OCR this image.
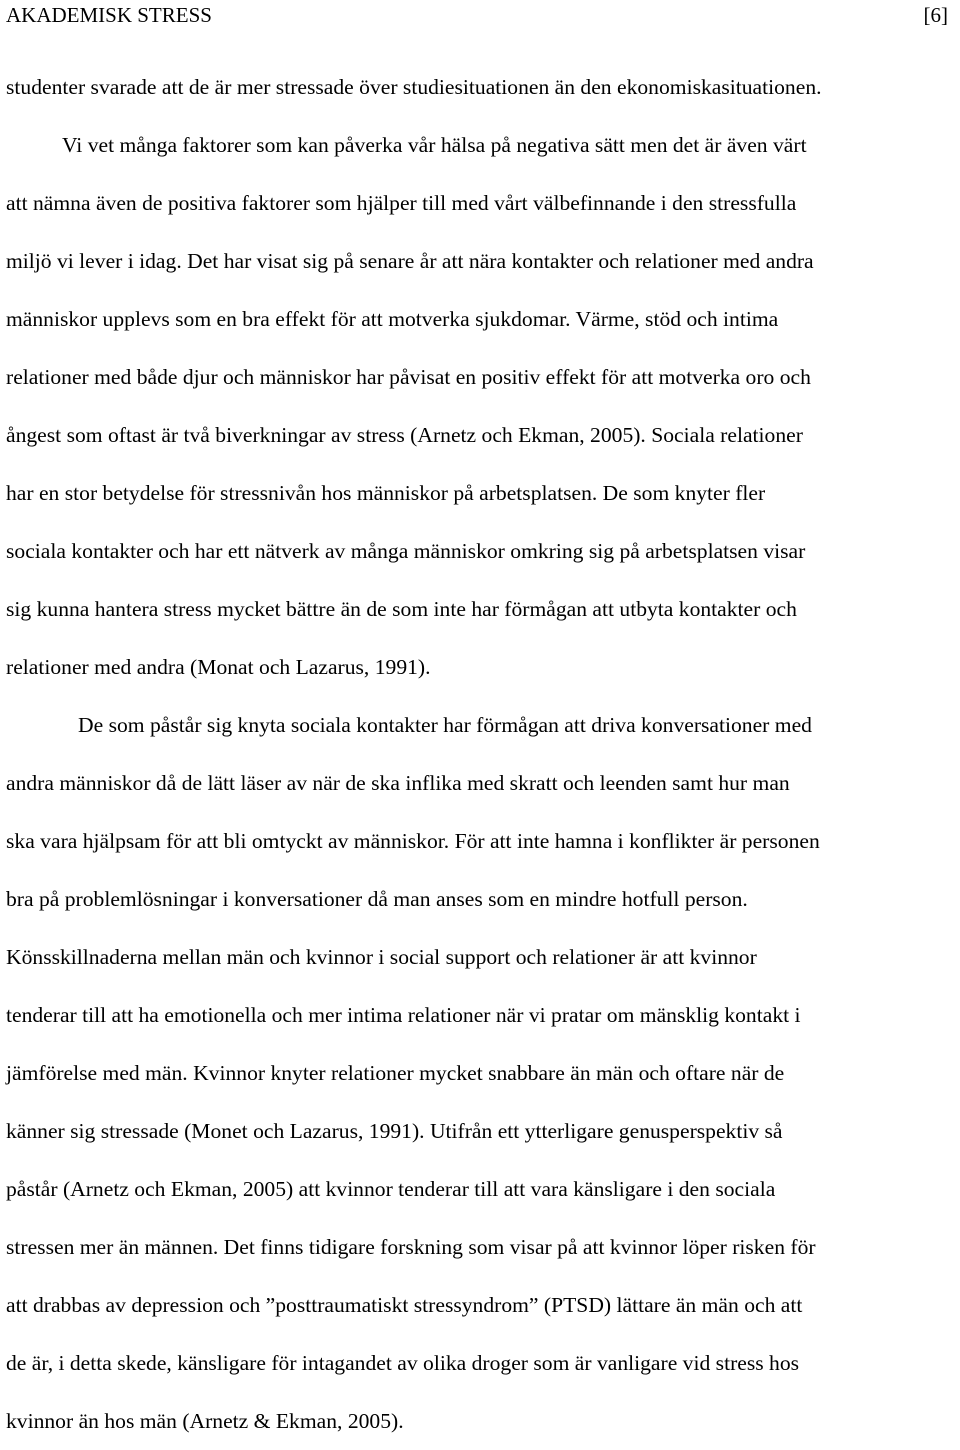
AKADEMISK STRESS	[6]
studenter svarade att de är mer stressade över studiesituationen än den ekonomiskasituationen.
Vi vet många faktorer som kan påverka vår hälsa på negativa sätt men det är även värt
att nämna även de positiva faktorer som hjälper till med vårt välbefinnande i den stressfulla
miljö vi lever i idag. Det har visat sig på senare år att nära kontakter och relationer med andra
människor upplevs som en bra effekt för att motverka sjukdomar. Värme, stöd och intima
relationer med både djur och människor har påvisat en positiv effekt för att motverka oro och
ångest som oftast är två biverkningar av stress (Arnetz och Ekman, 2005). Sociala relationer
har en stor betydelse för stressnivån hos människor på arbetsplatsen. De som knyter fler
sociala kontakter och har ett nätverk av många människor omkring sig på arbetsplatsen visar
sig kunna hantera stress mycket bättre än de som inte har förmågan att utbyta kontakter och
relationer med andra (Monat och Lazarus, 1991).
De som påstår sig knyta sociala kontakter har förmågan att driva konversationer med
andra människor då de lätt läser av när de ska inflika med skratt och leenden samt hur man
ska vara hjälpsam för att bli omtyckt av människor. För att inte hamna i konflikter är personen
bra på problemlösningar i konversationer då man anses som en mindre hotfull person.
Könsskillnaderna mellan män och kvinnor i social support och relationer är att kvinnor
tenderar till att ha emotionella och mer intima relationer när vi pratar om mänsklig kontakt i
jämförelse med män. Kvinnor knyter relationer mycket snabbare än män och oftare när de
känner sig stressade (Monet och Lazarus, 1991). Utifrån ett ytterligare genusperspektiv så
påstår (Arnetz och Ekman, 2005) att kvinnor tenderar till att vara känsligare i den sociala
stressen mer än männen. Det finns tidigare forskning som visar på att kvinnor löper risken för
att drabbas av depression och ”posttraumatiskt stressyndrom” (PTSD) lättare än män och att
de är, i detta skede, känsligare för intagandet av olika droger som är vanligare vid stress hos
kvinnor än hos män (Arnetz & Ekman, 2005).
